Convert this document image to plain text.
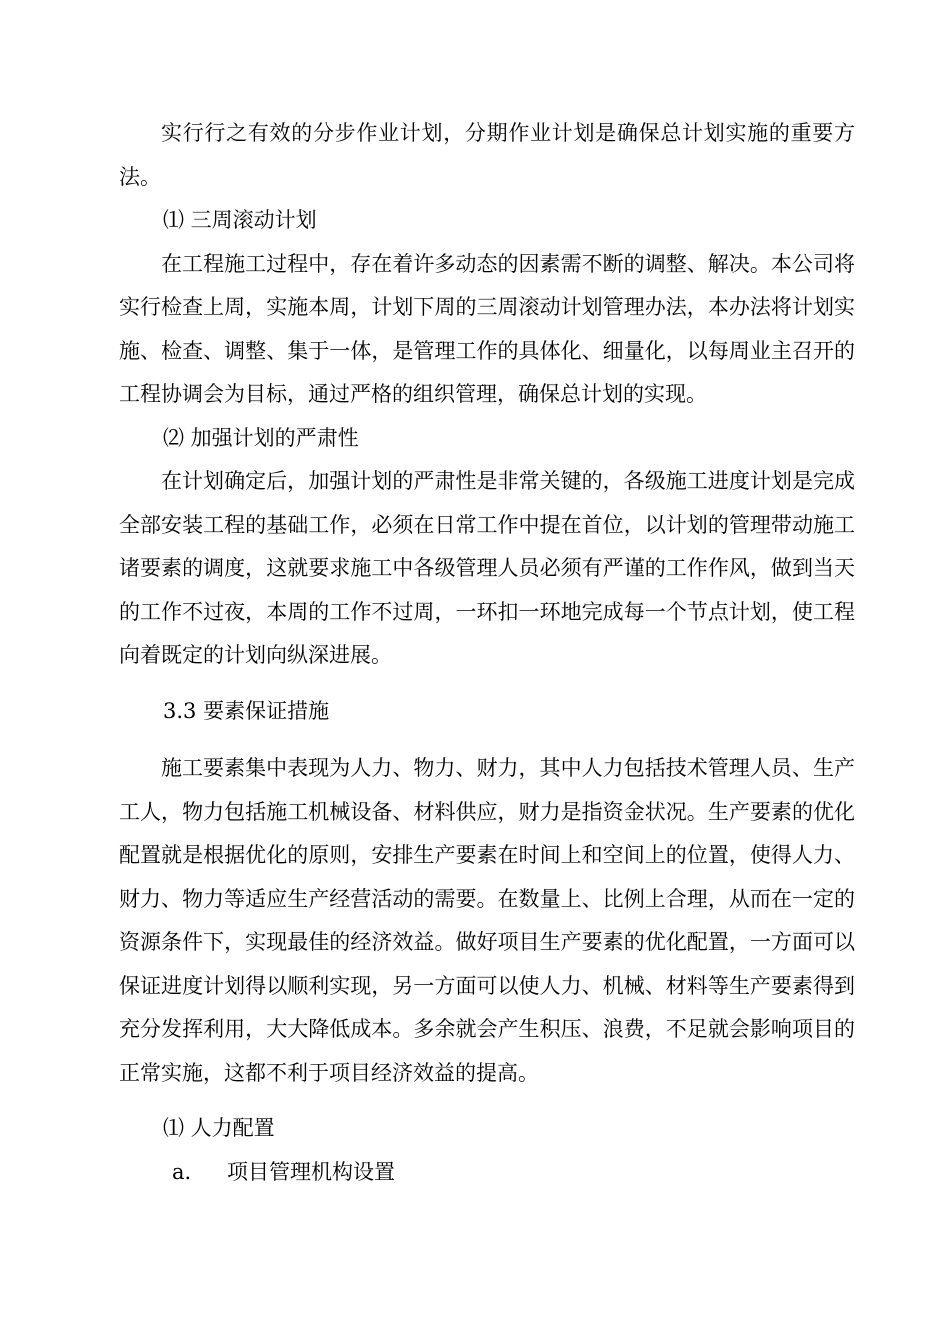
实行行之有效的分步作业计划，分期作业计划是确保总计划实施的重要方法。

⑴ 三周滚动计划

在工程施工过程中，存在着许多动态的因素需不断的调整、解决。本公司将实行检查上周，实施本周，计划下周的三周滚动计划管理办法，本办法将计划实施、检查、调整、集于一体，是管理工作的具体化、细量化，以每周业主召开的工程协调会为目标，通过严格的组织管理，确保总计划的实现。

⑵ 加强计划的严肃性

在计划确定后，加强计划的严肃性是非常关键的，各级施工进度计划是完成全部安装工程的基础工作，必须在日常工作中提在首位，以计划的管理带动施工诸要素的调度，这就要求施工中各级管理人员必须有严谨的工作作风，做到当天的工作不过夜，本周的工作不过周，一环扣一环地完成每一个节点计划，使工程向着既定的计划向纵深进展。

3.3 要素保证措施

施工要素集中表现为人力、物力、财力，其中人力包括技术管理人员、生产工人，物力包括施工机械设备、材料供应，财力是指资金状况。生产要素的优化配置就是根据优化的原则，安排生产要素在时间上和空间上的位置，使得人力、财力、物力等适应生产经营活动的需要。在数量上、比例上合理，从而在一定的资源条件下，实现最佳的经济效益。做好项目生产要素的优化配置，一方面可以保证进度计划得以顺利实现，另一方面可以使人力、机械、材料等生产要素得到充分发挥利用，大大降低成本。多余就会产生积压、浪费，不足就会影响项目的正常实施，这都不利于项目经济效益的提高。

⑴ 人力配置

a.	项目管理机构设置
